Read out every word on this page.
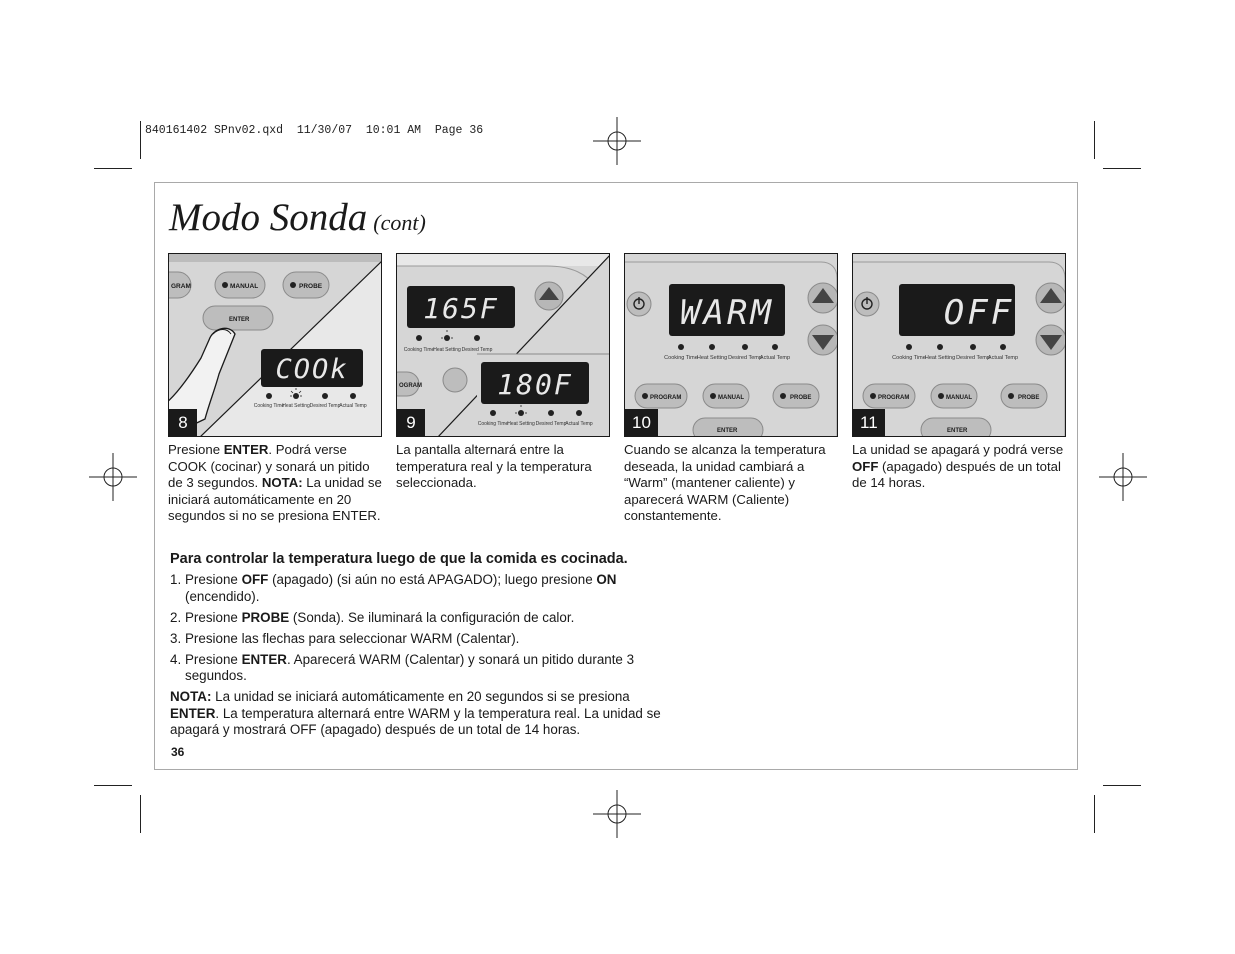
840161402 SPnv02.qxd  11/30/07  10:01 AM  Page 36
Modo Sonda (cont)
GRAM	MANUAL	PROBE
ENTER
COOk
Cooking Time
Heat Setting Desired Temp
Actual Temp
8
Presione ENTER. Podrá verse COOK (cocinar) y sonará un pitido de 3 segundos. NOTA: La unidad se iniciará automáticamente en 20 segundos si no se presiona ENTER.
165F
Cooking Time
Heat Setting Desired Temp
OGRAM	180F
Cooking Time
Heat Setting Desired Temp
Actual Temp
9
La pantalla alternará entre la temperatura real y la temperatura seleccionada.
WARM
Cooking Time Heat Setting Desired Temp
Actual Temp
PROGRAM	MANUAL	PROBE
ENTER
10
Cuando se alcanza la temperatura deseada, la unidad cambiará a “Warm” (mantener caliente) y aparecerá WARM (Caliente) constantemente.
OFF
Cooking Time Heat Setting Desired Temp
Actual Temp
PROGRAM	MANUAL	PROBE
ENTER
11
La unidad se apagará y podrá verse OFF (apagado) después de un total de 14 horas.
Para controlar la temperatura luego de que la comida es cocinada.
1. Presione OFF (apagado) (si aún no está APAGADO); luego presione ON (encendido).
2. Presione PROBE (Sonda). Se iluminará la configuración de calor.
3. Presione las flechas para seleccionar WARM (Calentar).
4. Presione ENTER. Aparecerá WARM (Calentar) y sonará un pitido durante 3 segundos.
NOTA: La unidad se iniciará automáticamente en 20 segundos si se presiona ENTER. La temperatura alternará entre WARM y la temperatura real. La unidad se apagará y mostrará OFF (apagado) después de un total de 14 horas.
36
